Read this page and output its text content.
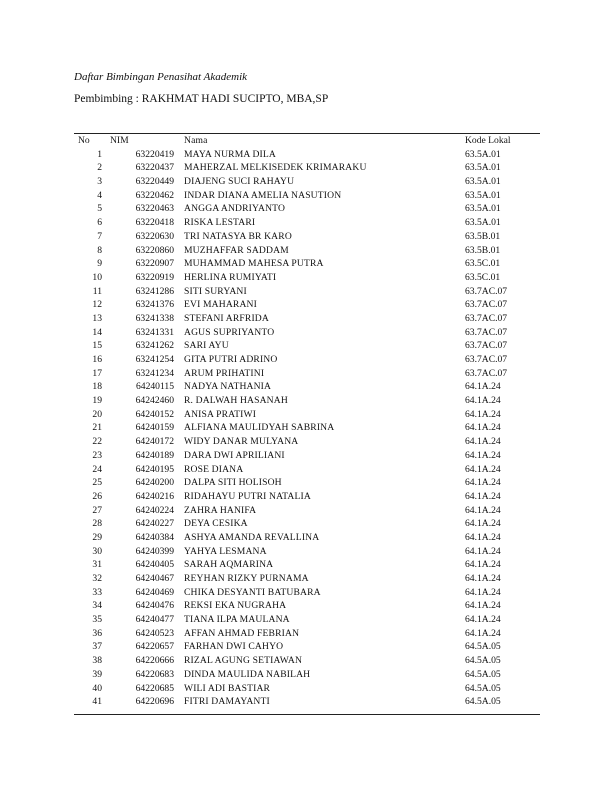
Daftar Bimbingan Penasihat Akademik
Pembimbing : RAKHMAT HADI SUCIPTO, MBA,SP
No	NIM	Nama	Kode Lokal
1	63220419 MAYA NURMA DILA	63.5A.01
2	63220437 MAHERZAL MELKISEDEK KRIMARAKU	63.5A.01
3	63220449 DIAJENG SUCI RAHAYU	63.5A.01
4	63220462 INDAR DIANA AMELIA NASUTION	63.5A.01
5	63220463 ANGGA ANDRIYANTO	63.5A.01
6	63220418 RISKA LESTARI	63.5A.01
7	63220630 TRI NATASYA BR KARO	63.5B.01
8	63220860 MUZHAFFAR SADDAM	63.5B.01
9	63220907 MUHAMMAD MAHESA PUTRA	63.5C.01
10	63220919 HERLINA RUMIYATI	63.5C.01
11	63241286 SITI SURYANI	63.7AC.07
12	63241376 EVI MAHARANI	63.7AC.07
13	63241338 STEFANI ARFRIDA	63.7AC.07
14	63241331 AGUS SUPRIYANTO	63.7AC.07
15	63241262 SARI AYU	63.7AC.07
16	63241254 GITA PUTRI ADRINO	63.7AC.07
17	63241234 ARUM PRIHATINI	63.7AC.07
18	64240115 NADYA NATHANIA	64.1A.24
19	64242460 R. DALWAH HASANAH	64.1A.24
20	64240152 ANISA PRATIWI	64.1A.24
21	64240159 ALFIANA MAULIDYAH SABRINA	64.1A.24
22	64240172 WIDY DANAR MULYANA	64.1A.24
23	64240189 DARA DWI APRILIANI	64.1A.24
24	64240195 ROSE DIANA	64.1A.24
25	64240200 DALPA SITI HOLISOH	64.1A.24
26	64240216 RIDAHAYU PUTRI NATALIA	64.1A.24
27	64240224 ZAHRA HANIFA	64.1A.24
28	64240227 DEYA CESIKA	64.1A.24
29	64240384 ASHYA AMANDA REVALLINA	64.1A.24
30	64240399 YAHYA LESMANA	64.1A.24
31	64240405 SARAH AQMARINA	64.1A.24
32	64240467 REYHAN RIZKY PURNAMA	64.1A.24
33	64240469 CHIKA DESYANTI BATUBARA	64.1A.24
34	64240476 REKSI EKA NUGRAHA	64.1A.24
35	64240477 TIANA ILPA MAULANA	64.1A.24
36	64240523 AFFAN AHMAD FEBRIAN	64.1A.24
37	64220657 FARHAN DWI CAHYO	64.5A.05
38	64220666 RIZAL AGUNG SETIAWAN	64.5A.05
39	64220683 DINDA MAULIDA NABILAH	64.5A.05
40	64220685 WILI ADI BASTIAR	64.5A.05
41	64220696 FITRI DAMAYANTI	64.5A.05
